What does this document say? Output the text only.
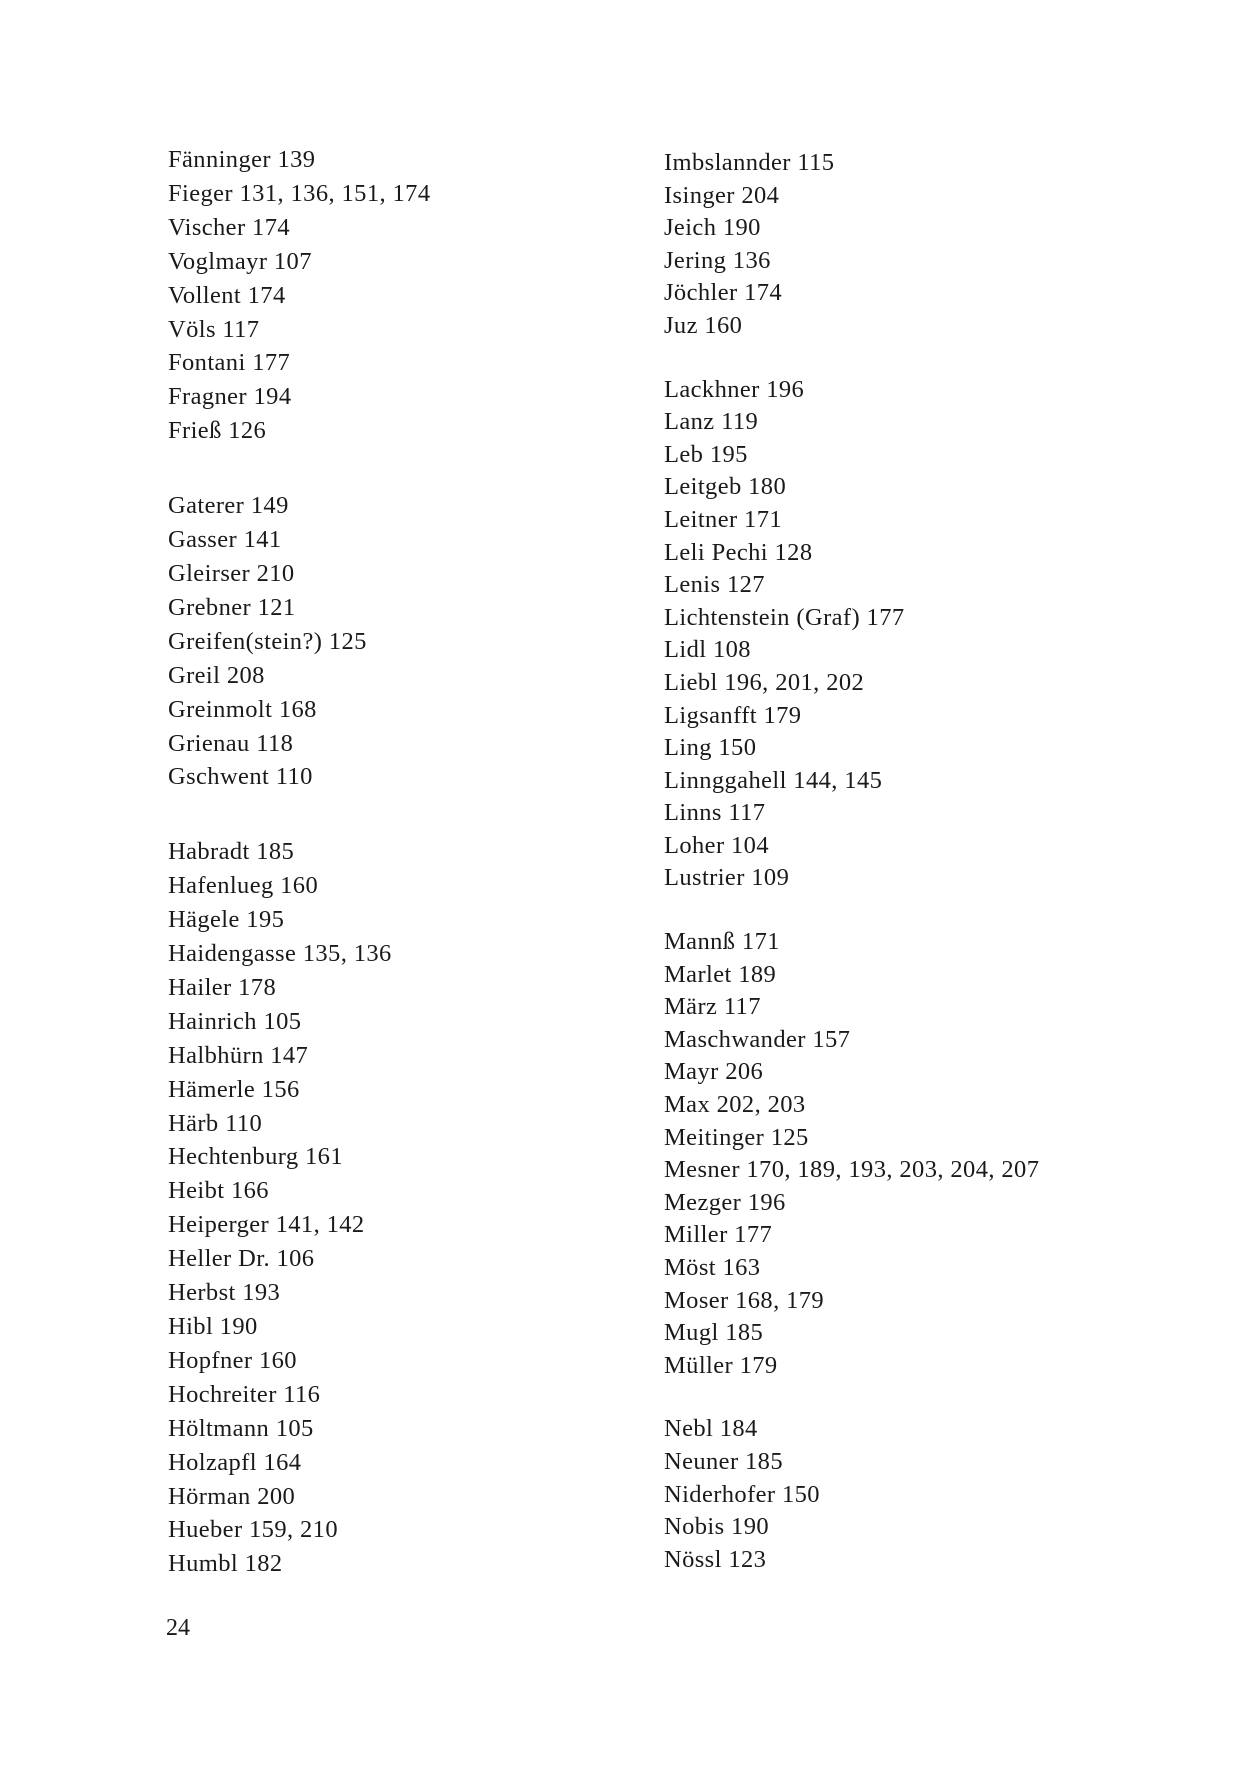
Fänninger 139

Fieger 131, 136, 151, 174

Vischer 174

Voglmayr 107

Vollent 174

Völs 117

Fontani 177

Fragner 194

Frieß 126

Gaterer 149

Gasser 141

Gleirser 210

Grebner 121

Greifen(stein?) 125

Greil 208

Greinmolt 168

Grienau 118

Gschwent 110

Habradt 185

Hafenlueg 160

Hägele 195

Haidengasse 135, 136

Hailer 178

Hainrich 105

Halbhürn 147

Hämerle 156

Härb 110

Hechtenburg 161

Heibt 166

Heiperger 141, 142

Heller Dr. 106

Herbst 193

Hibl 190

Hopfner 160

Hochreiter 116

Höltmann 105

Holzapfl 164

Hörman 200

Hueber 159, 210

Humbl 182

Imbslannder 115

Isinger 204

Jeich 190

Jering 136

Jöchler 174

Juz 160

Lackhner 196

Lanz 119

Leb 195

Leitgeb 180

Leitner 171

Leli Pechi 128

Lenis 127

Lichtenstein (Graf) 177

Lidl 108

Liebl 196, 201, 202

Ligsanfft 179

Ling 150

Linnggahell 144, 145

Linns 117

Loher 104

Lustrier 109

Mannß 171

Marlet 189

März 117

Maschwander 157

Mayr 206

Max 202, 203

Meitinger 125

Mesner 170, 189, 193, 203, 204, 207

Mezger 196

Miller 177

Möst 163

Moser 168, 179

Mugl 185

Müller 179

Nebl 184

Neuner 185

Niderhofer 150

Nobis 190

Nössl 123

24
